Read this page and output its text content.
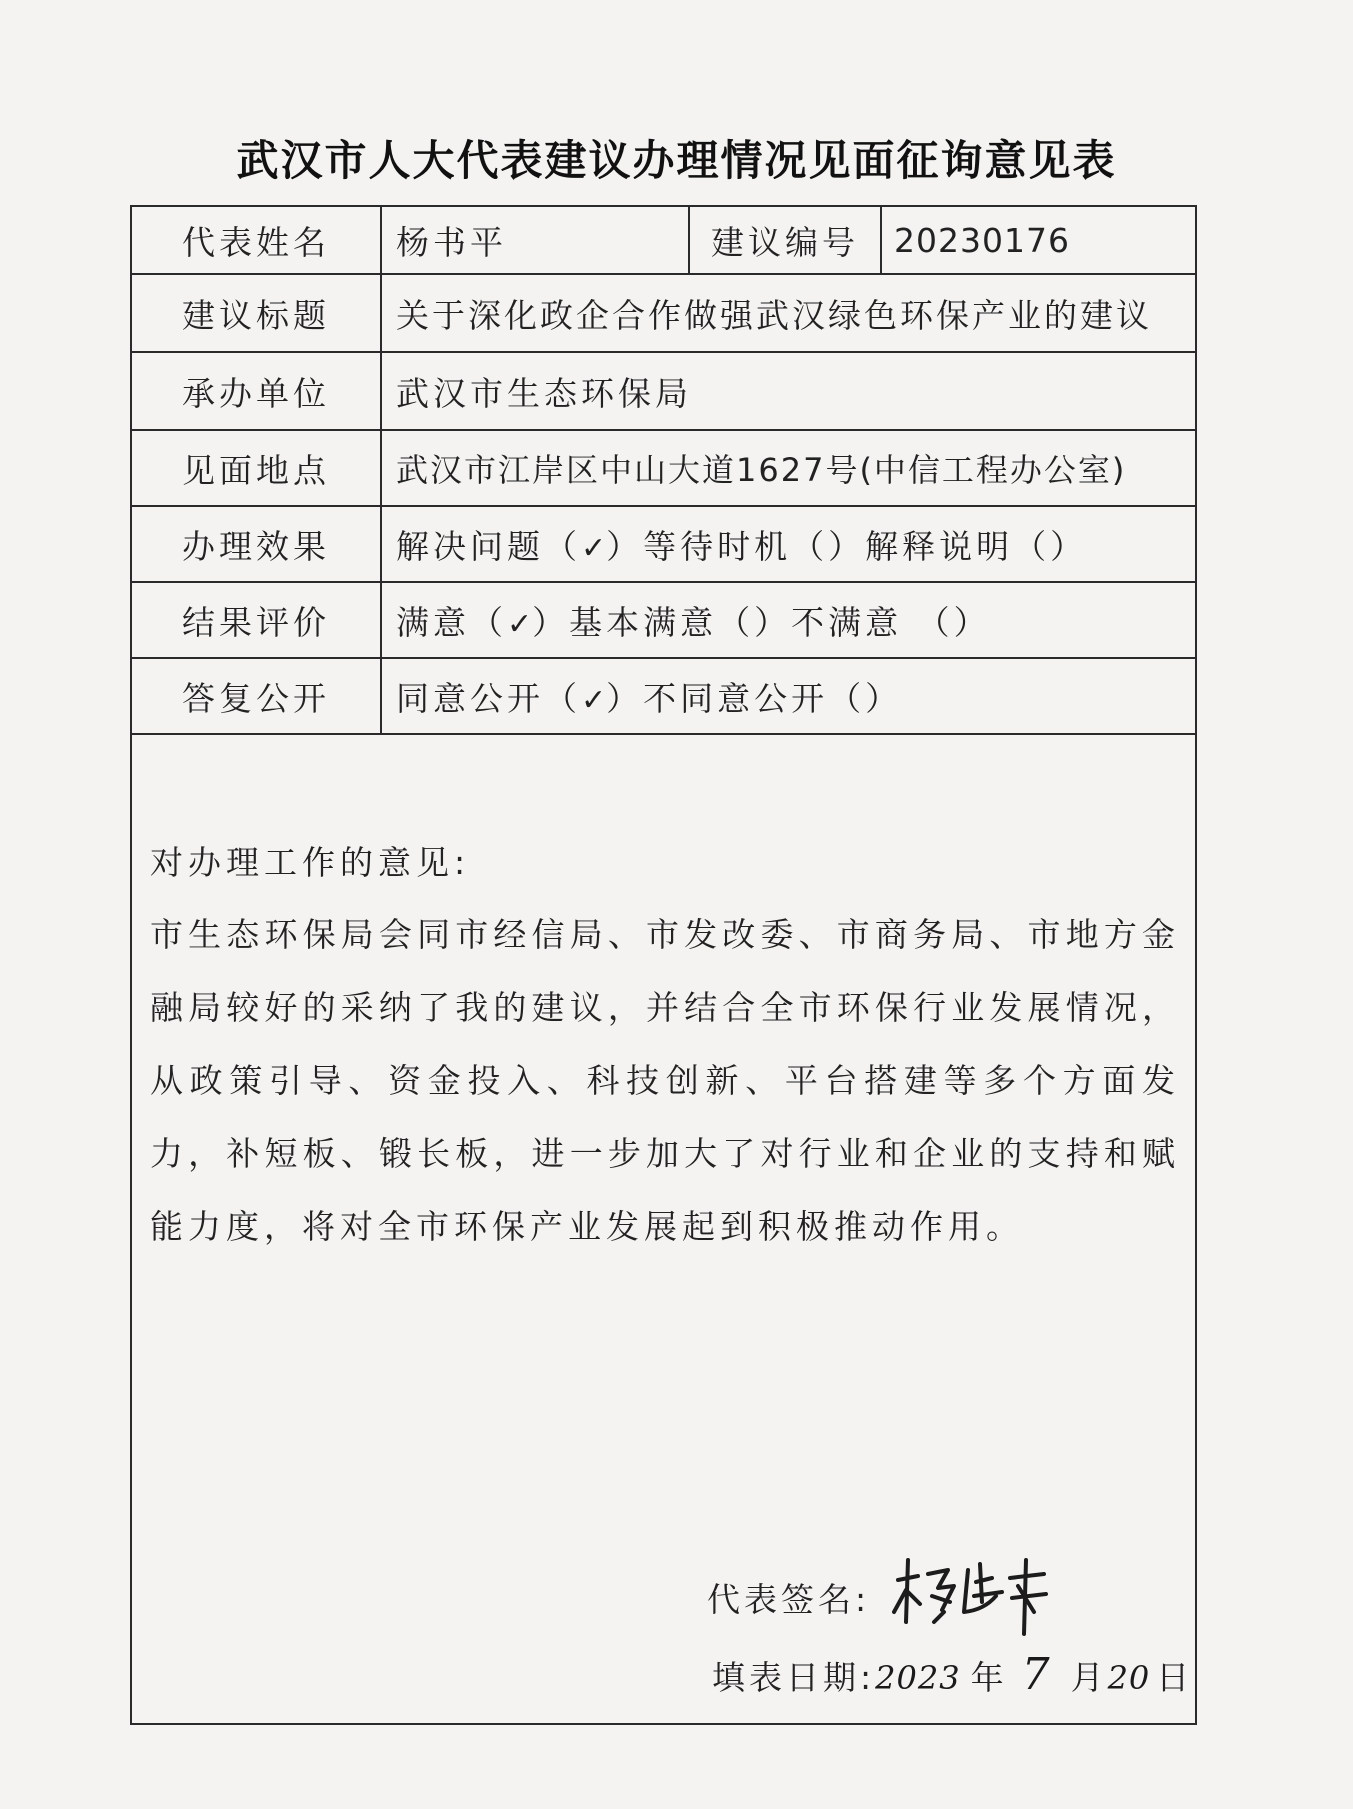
武汉市人大代表建议办理情况见面征询意见表
代表姓名	杨书平	建议编号	20230176
建议标题	关于深化政企合作做强武汉绿色环保产业的建议
承办单位	武汉市生态环保局
见面地点	武汉市江岸区中山大道1627号(中信工程办公室)
办理效果	解决问题（✓） 等待时机（） 解释说明（）
结果评价	满意（✓） 基本满意（） 不满意 （）
答复公开	同意公开（✓） 不同意公开（）
对办理工作的意见:
市生态环保局会同市经信局、市发改委、市商务局、市地方金融局较好的采纳了我的建议，并结合全市环保行业发展情况，从政策引导、资金投入、科技创新、平台搭建等多个方面发力，补短板、锻长板，进一步加大了对行业和企业的支持和赋能力度，将对全市环保产业发展起到积极推动作用。
代表签名:
填表日期: 2023 年 7 月 20 日
